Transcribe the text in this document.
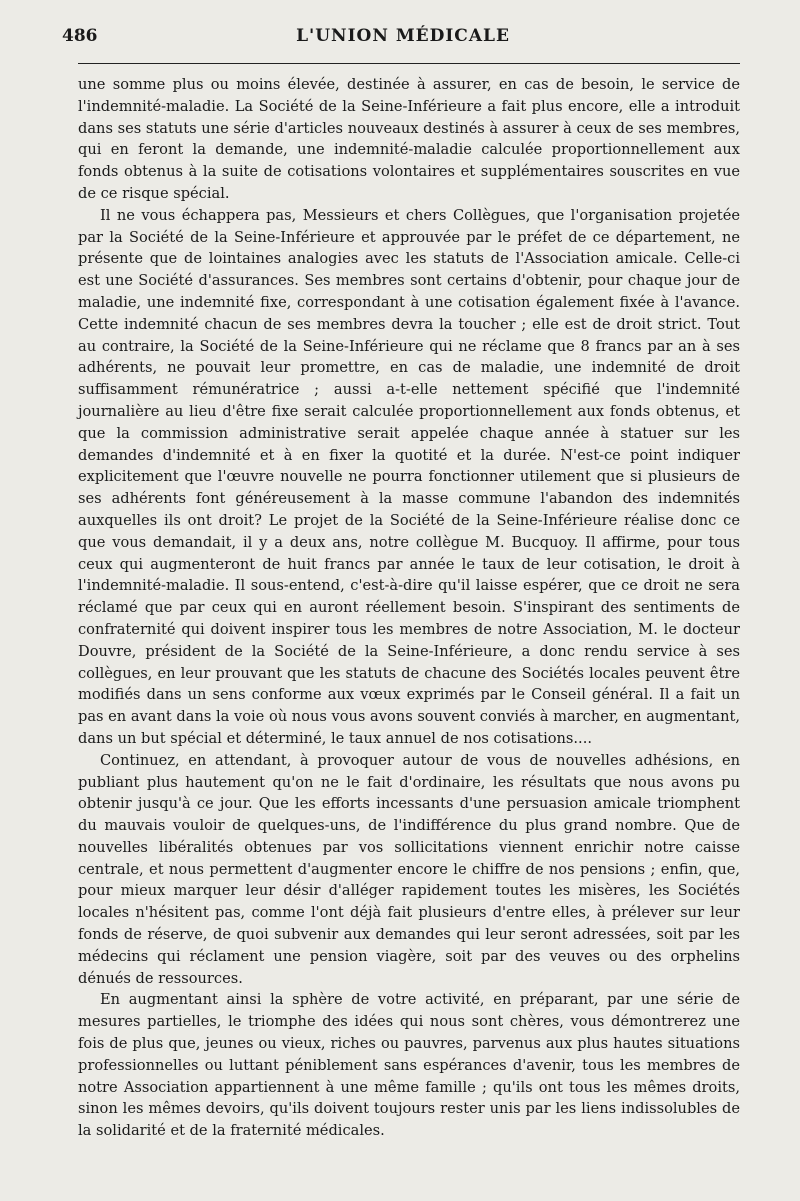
486	L'UNION MÉDICALE

une somme plus ou moins élevée, destinée à assurer, en cas de besoin, le service de l'indemnité-maladie. La Société de la Seine-Inférieure a fait plus encore, elle a introduit dans ses statuts une série d'articles nouveaux destinés à assurer à ceux de ses membres, qui en feront la demande, une indemnité-maladie calculée proportionnellement aux fonds obtenus à la suite de cotisations volontaires et supplémentaires souscrites en vue de ce risque spécial.

Il ne vous échappera pas, Messieurs et chers Collègues, que l'organisation projetée par la Société de la Seine-Inférieure et approuvée par le préfet de ce département, ne présente que de lointaines analogies avec les statuts de l'Association amicale. Celle-ci est une Société d'assurances. Ses membres sont certains d'obtenir, pour chaque jour de maladie, une indemnité fixe, correspondant à une cotisation également fixée à l'avance. Cette indemnité chacun de ses membres devra la toucher ; elle est de droit strict. Tout au contraire, la Société de la Seine-Inférieure qui ne réclame que 8 francs par an à ses adhérents, ne pouvait leur promettre, en cas de maladie, une indemnité de droit suffisamment rémunératrice ; aussi a-t-elle nettement spécifié que l'indemnité journalière au lieu d'être fixe serait calculée proportionnellement aux fonds obtenus, et que la commission administrative serait appelée chaque année à statuer sur les demandes d'indemnité et à en fixer la quotité et la durée. N'est-ce point indiquer explicitement que l'œuvre nouvelle ne pourra fonctionner utilement que si plusieurs de ses adhérents font généreusement à la masse commune l'abandon des indemnités auxquelles ils ont droit? Le projet de la Société de la Seine-Inférieure réalise donc ce que vous demandait, il y a deux ans, notre collègue M. Bucquoy. Il affirme, pour tous ceux qui augmenteront de huit francs par année le taux de leur cotisation, le droit à l'indemnité-maladie. Il sous-entend, c'est-à-dire qu'il laisse espérer, que ce droit ne sera réclamé que par ceux qui en auront réellement besoin. S'inspirant des sentiments de confraternité qui doivent inspirer tous les membres de notre Association, M. le docteur Douvre, président de la Société de la Seine-Inférieure, a donc rendu service à ses collègues, en leur prouvant que les statuts de chacune des Sociétés locales peuvent être modifiés dans un sens conforme aux vœux exprimés par le Conseil général. Il a fait un pas en avant dans la voie où nous vous avons souvent conviés à marcher, en augmentant, dans un but spécial et déterminé, le taux annuel de nos cotisations....

Continuez, en attendant, à provoquer autour de vous de nouvelles adhésions, en publiant plus hautement qu'on ne le fait d'ordinaire, les résultats que nous avons pu obtenir jusqu'à ce jour. Que les efforts incessants d'une persuasion amicale triomphent du mauvais vouloir de quelques-uns, de l'indifférence du plus grand nombre. Que de nouvelles libéralités obtenues par vos sollicitations viennent enrichir notre caisse centrale, et nous permettent d'augmenter encore le chiffre de nos pensions ; enfin, que, pour mieux marquer leur désir d'alléger rapidement toutes les misères, les Sociétés locales n'hésitent pas, comme l'ont déjà fait plusieurs d'entre elles, à prélever sur leur fonds de réserve, de quoi subvenir aux demandes qui leur seront adressées, soit par les médecins qui réclament une pension viagère, soit par des veuves ou des orphelins dénués de ressources.

En augmentant ainsi la sphère de votre activité, en préparant, par une série de mesures partielles, le triomphe des idées qui nous sont chères, vous démontrerez une fois de plus que, jeunes ou vieux, riches ou pauvres, parvenus aux plus hautes situations professionnelles ou luttant péniblement sans espérances d'avenir, tous les membres de notre Association appartiennent à une même famille ; qu'ils ont tous les mêmes droits, sinon les mêmes devoirs, qu'ils doivent toujours rester unis par les liens indissolubles de la solidarité et de la fraternité médicales.
